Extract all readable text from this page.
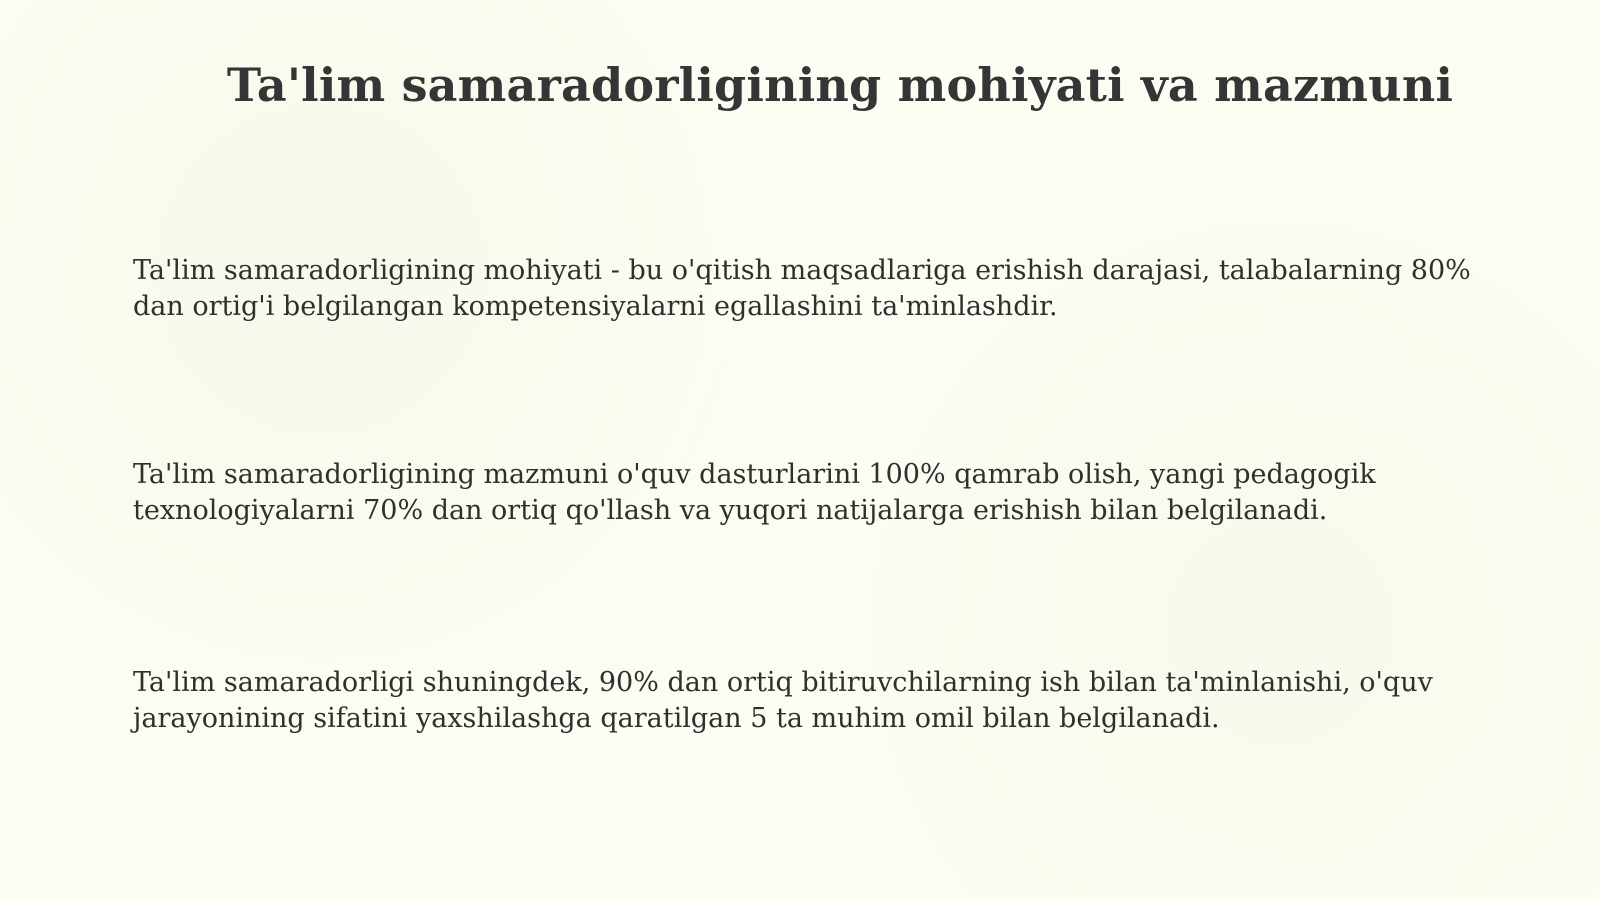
Ta'lim samaradorligining mohiyati va mazmuni

Ta'lim samaradorligining mohiyati - bu o'qitish maqsadlariga erishish darajasi, talabalarning 80% dan ortig'i belgilangan kompetensiyalarni egallashini ta'minlashdir.

Ta'lim samaradorligining mazmuni o'quv dasturlarini 100% qamrab olish, yangi pedagogik texnologiyalarni 70% dan ortiq qo'llash va yuqori natijalarga erishish bilan belgilanadi.

Ta'lim samaradorligi shuningdek, 90% dan ortiq bitiruvchilarning ish bilan ta'minlanishi, o'quv jarayonining sifatini yaxshilashga qaratilgan 5 ta muhim omil bilan belgilanadi.
